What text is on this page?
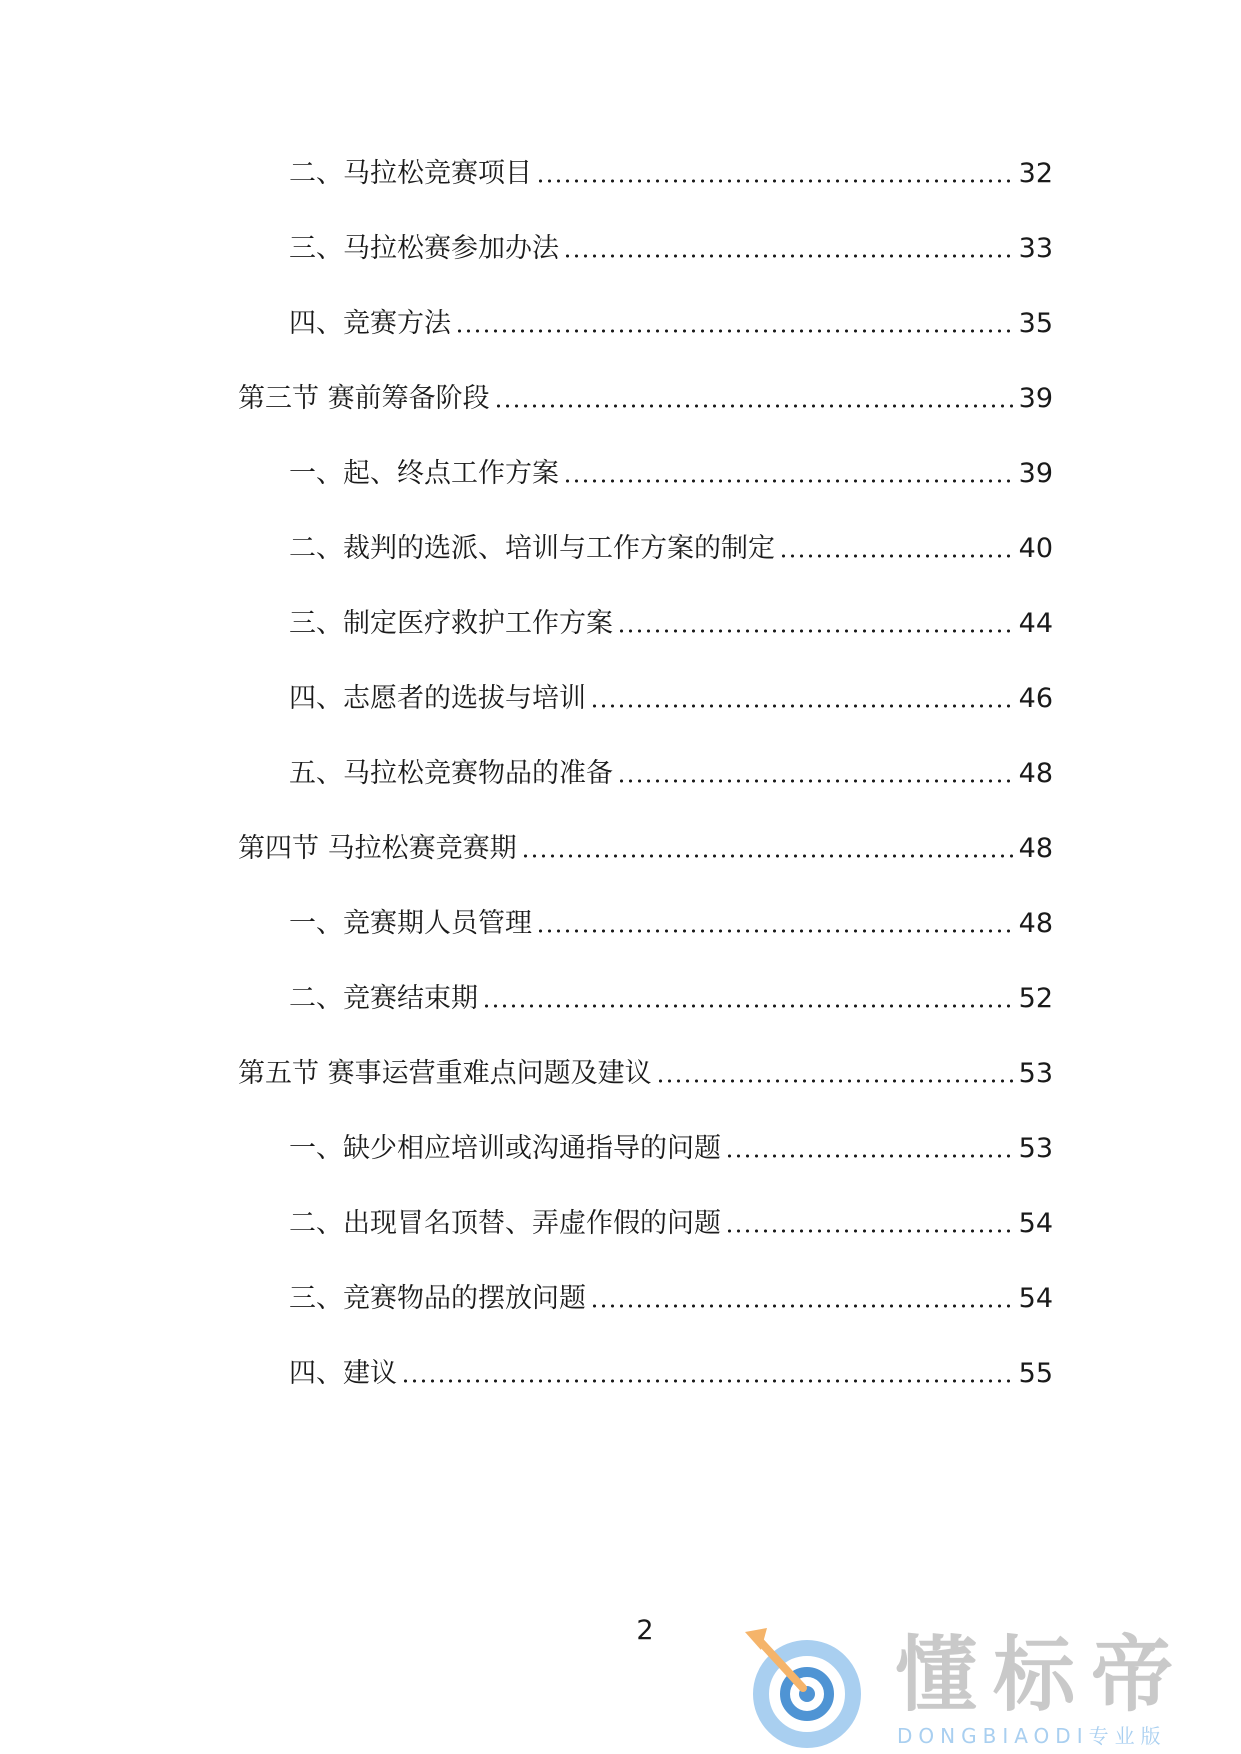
二、马拉松竞赛项目	32
三、马拉松赛参加办法	33
四、竞赛方法	35
第三节 赛前筹备阶段	39
一、起、终点工作方案	39
二、裁判的选派、培训与工作方案的制定	40
三、制定医疗救护工作方案	44
四、志愿者的选拔与培训	46
五、马拉松竞赛物品的准备	48
第四节 马拉松赛竞赛期	48
一、竞赛期人员管理	48
二、竞赛结束期	52
第五节 赛事运营重难点问题及建议	53
一、缺少相应培训或沟通指导的问题	53
二、出现冒名顶替、弄虚作假的问题	54
三、竞赛物品的摆放问题	54
四、建议	55
2	懂标帝
DONGBIAODI专业版
